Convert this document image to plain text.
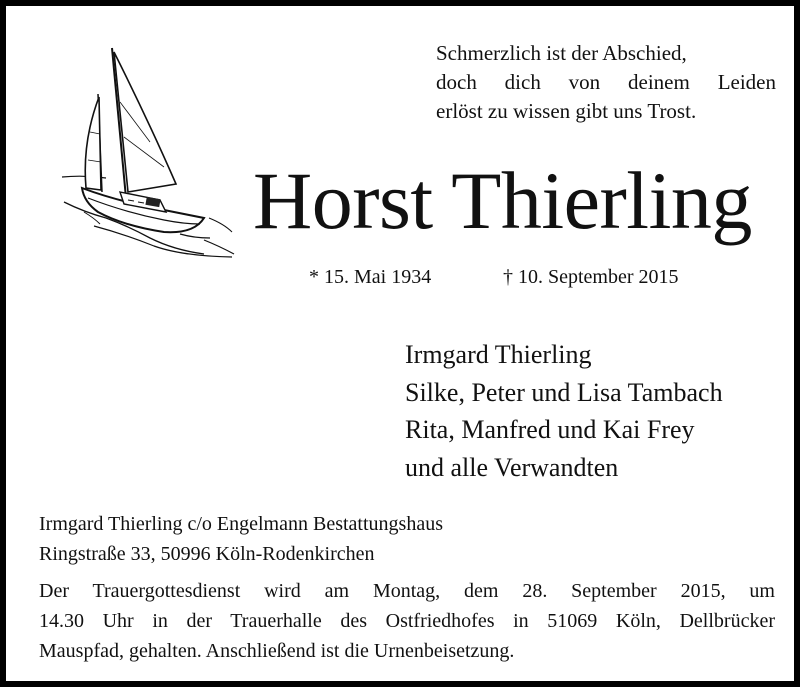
Schmerzlich ist der Abschied,
doch dich von deinem Leiden
erlöst zu wissen gibt uns Trost.
Horst Thierling
* 15. Mai 1934	† 10. September 2015
Irmgard Thierling
Silke, Peter und Lisa Tambach
Rita, Manfred und Kai Frey
und alle Verwandten
Irmgard Thierling c/o Engelmann Bestattungshaus
Ringstraße 33, 50996 Köln-Rodenkirchen
Der Trauergottesdienst wird am Montag, dem 28. September 2015, um
14.30 Uhr in der Trauerhalle des Ostfriedhofes in 51069 Köln, Dellbrücker
Mauspfad, gehalten. Anschließend ist die Urnenbeisetzung.
